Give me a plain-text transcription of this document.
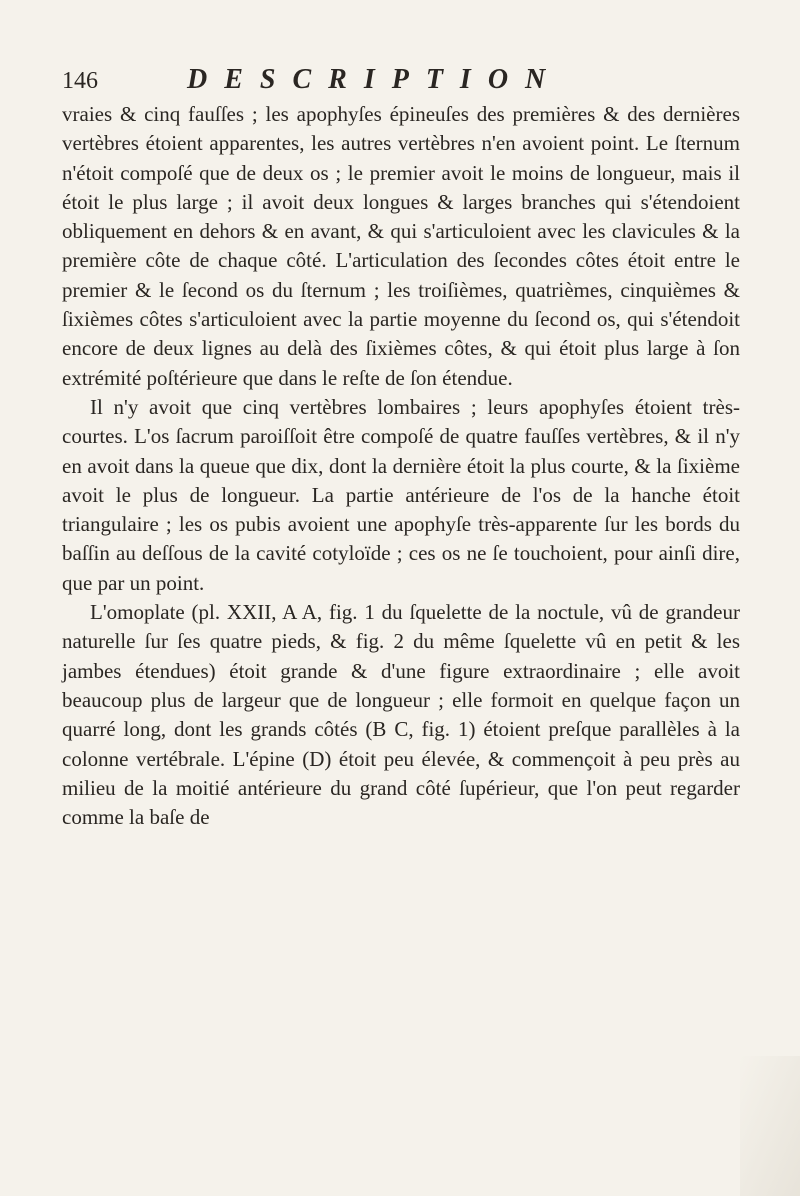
146	DESCRIPTION

vraies & cinq fauſſes ; les apophyſes épineuſes des premières & des dernières vertèbres étoient apparentes, les autres vertèbres n'en avoient point. Le ſternum n'étoit compoſé que de deux os ; le premier avoit le moins de longueur, mais il étoit le plus large ; il avoit deux longues & larges branches qui s'étendoient obliquement en dehors & en avant, & qui s'articuloient avec les clavicules & la première côte de chaque côté. L'articulation des ſecondes côtes étoit entre le premier & le ſecond os du ſternum ; les troiſièmes, quatrièmes, cinquièmes & ſixièmes côtes s'articuloient avec la partie moyenne du ſecond os, qui s'étendoit encore de deux lignes au delà des ſixièmes côtes, & qui étoit plus large à ſon extrémité poſtérieure que dans le reſte de ſon étendue.

Il n'y avoit que cinq vertèbres lombaires ; leurs apophyſes étoient très-courtes. L'os ſacrum paroiſſoit être compoſé de quatre fauſſes vertèbres, & il n'y en avoit dans la queue que dix, dont la dernière étoit la plus courte, & la ſixième avoit le plus de longueur. La partie antérieure de l'os de la hanche étoit triangulaire ; les os pubis avoient une apophyſe très-apparente ſur les bords du baſſin au deſſous de la cavité cotyloïde ; ces os ne ſe touchoient, pour ainſi dire, que par un point.

L'omoplate (pl. XXII, A A, fig. 1 du ſquelette de la noctule, vû de grandeur naturelle ſur ſes quatre pieds, & fig. 2 du même ſquelette vû en petit & les jambes étendues) étoit grande & d'une figure extraordinaire ; elle avoit beaucoup plus de largeur que de longueur ; elle formoit en quelque façon un quarré long, dont les grands côtés (B C, fig. 1) étoient preſque parallèles à la colonne vertébrale. L'épine (D) étoit peu élevée, & commençoit à peu près au milieu de la moitié antérieure du grand côté ſupérieur, que l'on peut regarder comme la baſe de
